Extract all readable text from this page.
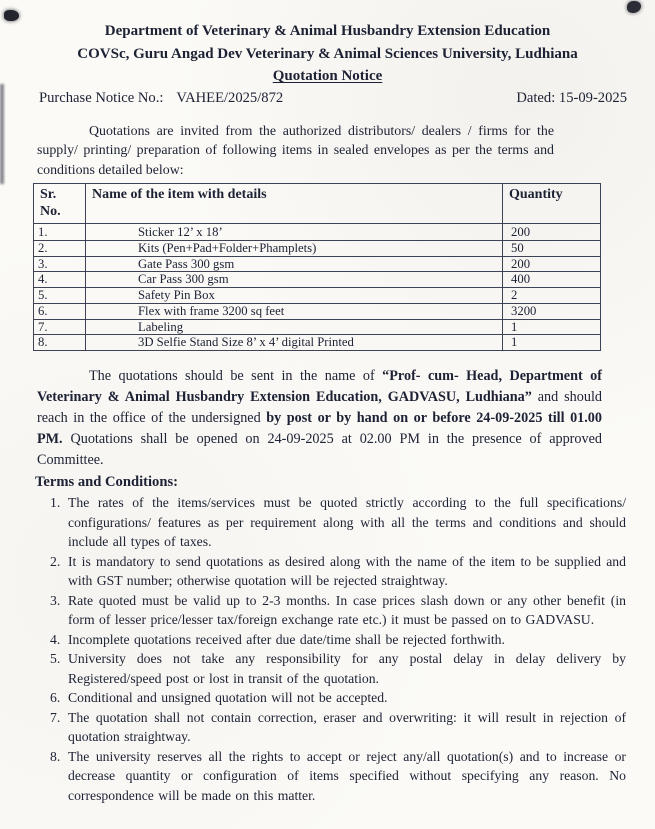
Department of Veterinary & Animal Husbandry Extension Education
COVSc, Guru Angad Dev Veterinary & Animal Sciences University, Ludhiana
Quotation Notice
Purchase Notice No.: VAHEE/2025/872	Dated: 15-09-2025

Quotations are invited from the authorized distributors/ dealers / firms for the supply/ printing/ preparation of following items in sealed envelopes as per the terms and conditions detailed below:

Sr.
No.	Name of the item with details	Quantity
1.	Sticker 12’ x 18’	200
2.	Kits (Pen+Pad+Folder+Phamplets)	50
3.	Gate Pass 300 gsm	200
4.	Car Pass 300 gsm	400
5.	Safety Pin Box	2
6.	Flex with frame 3200 sq feet	3200
7.	Labeling	1
8.	3D Selfie Stand Size 8’ x 4’ digital Printed	1

The quotations should be sent in the name of “Prof- cum- Head, Department of Veterinary & Animal Husbandry Extension Education, GADVASU, Ludhiana” and should reach in the office of the undersigned by post or by hand on or before 24-09-2025 till 01.00 PM. Quotations shall be opened on 24-09-2025 at 02.00 PM in the presence of approved Committee.

Terms and Conditions:
1. The rates of the items/services must be quoted strictly according to the full specifications/ configurations/ features as per requirement along with all the terms and conditions and should include all types of taxes.
2. It is mandatory to send quotations as desired along with the name of the item to be supplied and with GST number; otherwise quotation will be rejected straightway.
3. Rate quoted must be valid up to 2-3 months. In case prices slash down or any other benefit (in form of lesser price/lesser tax/foreign exchange rate etc.) it must be passed on to GADVASU.
4. Incomplete quotations received after due date/time shall be rejected forthwith.
5. University does not take any responsibility for any postal delay in delay delivery by Registered/speed post or lost in transit of the quotation.
6. Conditional and unsigned quotation will not be accepted.
7. The quotation shall not contain correction, eraser and overwriting: it will result in rejection of quotation straightway.
8. The university reserves all the rights to accept or reject any/all quotation(s) and to increase or decrease quantity or configuration of items specified without specifying any reason. No correspondence will be made on this matter.
